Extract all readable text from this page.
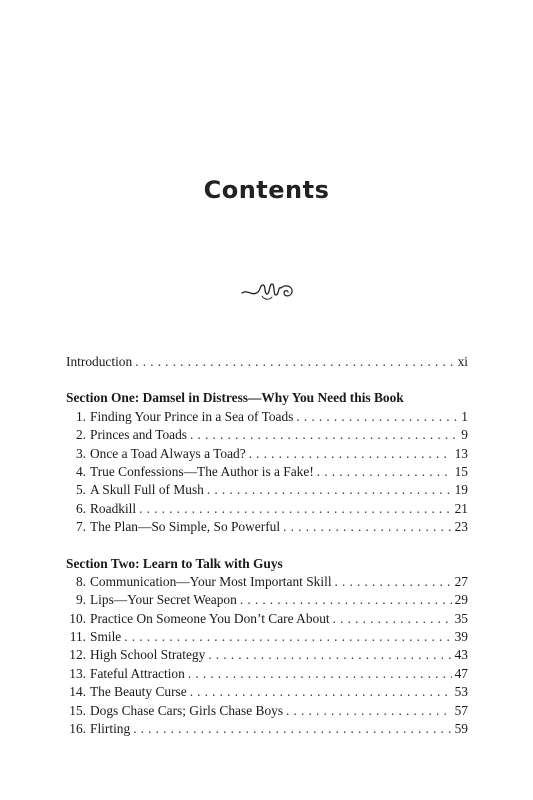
Contents
Introduction . . .	xi
Section One: Damsel in Distress—Why You Need this Book
1. Finding Your Prince in a Sea of Toads . . .	1
2. Princes and Toads . . .	9
3. Once a Toad Always a Toad? . . .	13
4. True Confessions—The Author is a Fake! . . .	15
5. A Skull Full of Mush . . .	19
6. Roadkill . . .	21
7. The Plan—So Simple, So Powerful . . .	23
Section Two: Learn to Talk with Guys
8. Communication—Your Most Important Skill . . .	27
9. Lips—Your Secret Weapon . . .	29
10. Practice On Someone You Don’t Care About . . .	35
11. Smile . . .	39
12. High School Strategy . . .	43
13. Fateful Attraction . . .	47
14. The Beauty Curse . . .	53
15. Dogs Chase Cars; Girls Chase Boys . . .	57
16. Flirting . . .	59
